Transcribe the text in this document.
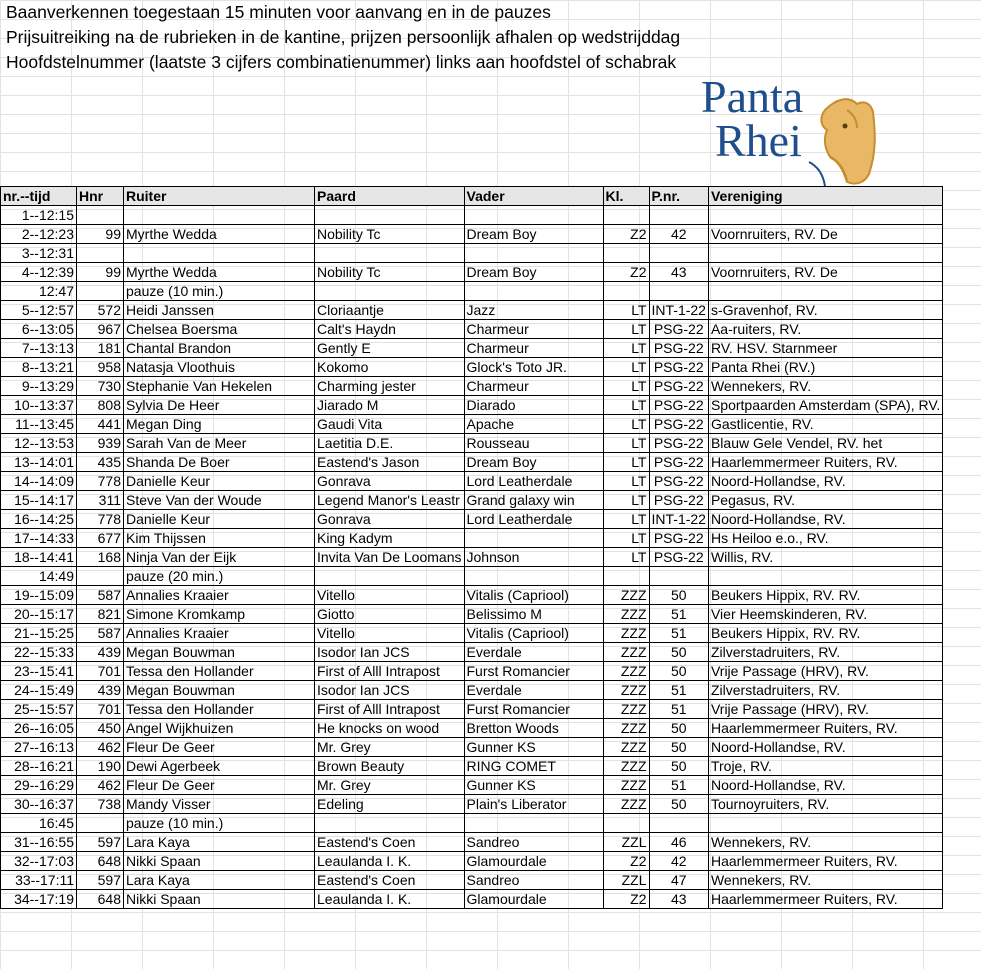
Baanverkennen toegestaan 15 minuten voor aanvang en in de pauzes
Prijsuitreiking na de rubrieken in de kantine, prijzen persoonlijk afhalen op wedstrijddag
Hoofdstelnummer (laatste 3 cijfers combinatienummer) links aan hoofdstel of schabrak
Panta
Rhei
nr.--tijd	Hnr	Ruiter	Paard	Vader	Kl.	P.nr.	Vereniging
1--12:15							
2--12:23	99	Myrthe Wedda	Nobility Tc	Dream Boy	Z2	42	Voornruiters, RV. De
3--12:31							
4--12:39	99	Myrthe Wedda	Nobility Tc	Dream Boy	Z2	43	Voornruiters, RV. De
12:47		pauze (10 min.)					
5--12:57	572	Heidi Janssen	Cloriaantje	Jazz	LT	INT-1-22	s-Gravenhof, RV.
6--13:05	967	Chelsea Boersma	Calt's Haydn	Charmeur	LT	PSG-22	Aa-ruiters, RV.
7--13:13	181	Chantal Brandon	Gently E	Charmeur	LT	PSG-22	RV. HSV. Starnmeer
8--13:21	958	Natasja Vloothuis	Kokomo	Glock's Toto JR.	LT	PSG-22	Panta Rhei (RV.)
9--13:29	730	Stephanie Van Hekelen	Charming jester	Charmeur	LT	PSG-22	Wennekers, RV.
10--13:37	808	Sylvia De Heer	Jiarado M	Diarado	LT	PSG-22	Sportpaarden Amsterdam (SPA), RV.
11--13:45	441	Megan Ding	Gaudi Vita	Apache	LT	PSG-22	Gastlicentie, RV.
12--13:53	939	Sarah Van de Meer	Laetitia D.E.	Rousseau	LT	PSG-22	Blauw Gele Vendel, RV. het
13--14:01	435	Shanda De Boer	Eastend's Jason	Dream Boy	LT	PSG-22	Haarlemmermeer Ruiters, RV.
14--14:09	778	Danielle Keur	Gonrava	Lord Leatherdale	LT	PSG-22	Noord-Hollandse, RV.
15--14:17	311	Steve Van der Woude	Legend Manor's Leastr	Grand galaxy win	LT	PSG-22	Pegasus, RV.
16--14:25	778	Danielle Keur	Gonrava	Lord Leatherdale	LT	INT-1-22	Noord-Hollandse, RV.
17--14:33	677	Kim Thijssen	King Kadym		LT	PSG-22	Hs Heiloo e.o., RV.
18--14:41	168	Ninja Van der Eijk	Invita Van De Loomans	Johnson	LT	PSG-22	Willis, RV.
14:49		pauze (20 min.)					
19--15:09	587	Annalies Kraaier	Vitello	Vitalis (Capriool)	ZZZ	50	Beukers Hippix, RV. RV.
20--15:17	821	Simone Kromkamp	Giotto	Belissimo M	ZZZ	51	Vier Heemskinderen, RV.
21--15:25	587	Annalies Kraaier	Vitello	Vitalis (Capriool)	ZZZ	51	Beukers Hippix, RV. RV.
22--15:33	439	Megan Bouwman	Isodor Ian JCS	Everdale	ZZZ	50	Zilverstadruiters, RV.
23--15:41	701	Tessa den Hollander	First of Alll Intrapost	Furst Romancier	ZZZ	50	Vrije Passage (HRV), RV.
24--15:49	439	Megan Bouwman	Isodor Ian JCS	Everdale	ZZZ	51	Zilverstadruiters, RV.
25--15:57	701	Tessa den Hollander	First of Alll Intrapost	Furst Romancier	ZZZ	51	Vrije Passage (HRV), RV.
26--16:05	450	Angel Wijkhuizen	He knocks on wood	Bretton Woods	ZZZ	50	Haarlemmermeer Ruiters, RV.
27--16:13	462	Fleur De Geer	Mr. Grey	Gunner KS	ZZZ	50	Noord-Hollandse, RV.
28--16:21	190	Dewi Agerbeek	Brown Beauty	RING COMET	ZZZ	50	Troje, RV.
29--16:29	462	Fleur De Geer	Mr. Grey	Gunner KS	ZZZ	51	Noord-Hollandse, RV.
30--16:37	738	Mandy Visser	Edeling	Plain's Liberator	ZZZ	50	Tournoyruiters, RV.
16:45		pauze (10 min.)					
31--16:55	597	Lara Kaya	Eastend's Coen	Sandreo	ZZL	46	Wennekers, RV.
32--17:03	648	Nikki Spaan	Leaulanda I. K.	Glamourdale	Z2	42	Haarlemmermeer Ruiters, RV.
33--17:11	597	Lara Kaya	Eastend's Coen	Sandreo	ZZL	47	Wennekers, RV.
34--17:19	648	Nikki Spaan	Leaulanda I. K.	Glamourdale	Z2	43	Haarlemmermeer Ruiters, RV.
